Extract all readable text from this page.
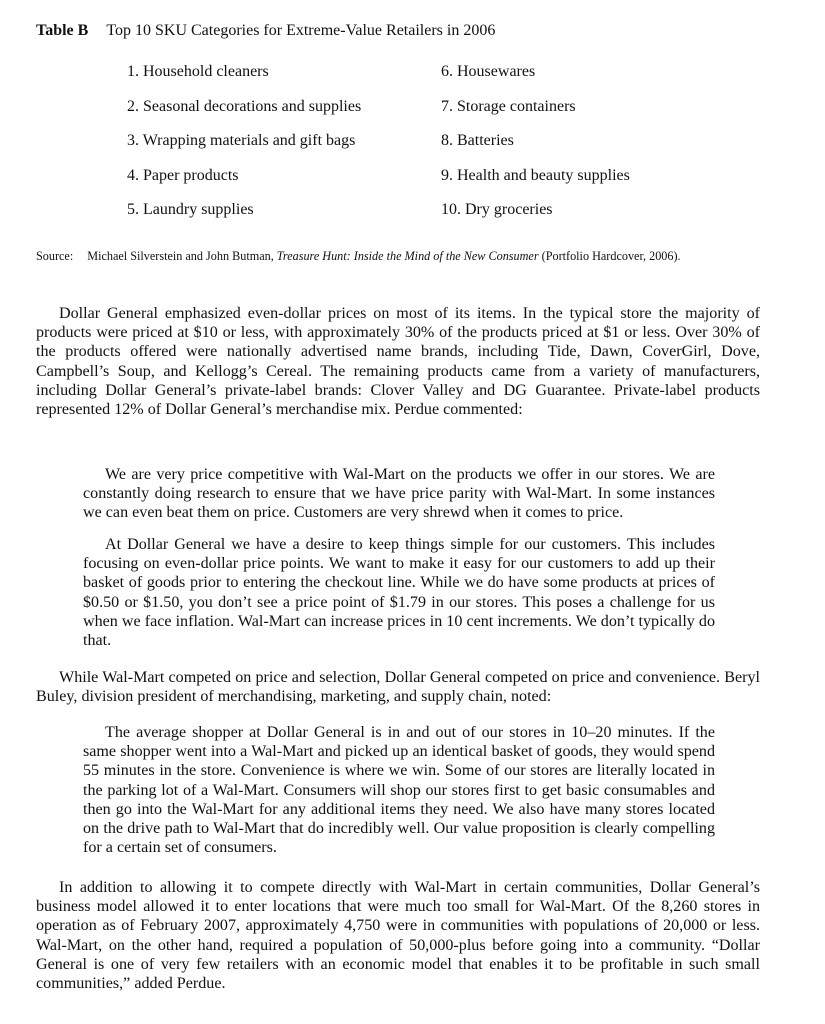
Table B Top 10 SKU Categories for Extreme-Value Retailers in 2006
1. Household cleaners	6. Housewares
2. Seasonal decorations and supplies	7. Storage containers
3. Wrapping materials and gift bags	8. Batteries
4. Paper products	9. Health and beauty supplies
5. Laundry supplies	10. Dry groceries
Source: Michael Silverstein and John Butman, Treasure Hunt: Inside the Mind of the New Consumer (Portfolio Hardcover, 2006).

Dollar General emphasized even-dollar prices on most of its items. In the typical store the majority of products were priced at $10 or less, with approximately 30% of the products priced at $1 or less. Over 30% of the products offered were nationally advertised name brands, including Tide, Dawn, CoverGirl, Dove, Campbell’s Soup, and Kellogg’s Cereal. The remaining products came from a variety of manufacturers, including Dollar General’s private-label brands: Clover Valley and DG Guarantee. Private-label products represented 12% of Dollar General’s merchandise mix. Perdue commented:

We are very price competitive with Wal-Mart on the products we offer in our stores. We are constantly doing research to ensure that we have price parity with Wal-Mart. In some instances we can even beat them on price. Customers are very shrewd when it comes to price.

At Dollar General we have a desire to keep things simple for our customers. This includes focusing on even-dollar price points. We want to make it easy for our customers to add up their basket of goods prior to entering the checkout line. While we do have some products at prices of $0.50 or $1.50, you don’t see a price point of $1.79 in our stores. This poses a challenge for us when we face inflation. Wal-Mart can increase prices in 10 cent increments. We don’t typically do that.

While Wal-Mart competed on price and selection, Dollar General competed on price and convenience. Beryl Buley, division president of merchandising, marketing, and supply chain, noted:

The average shopper at Dollar General is in and out of our stores in 10–20 minutes. If the same shopper went into a Wal-Mart and picked up an identical basket of goods, they would spend 55 minutes in the store. Convenience is where we win. Some of our stores are literally located in the parking lot of a Wal-Mart. Consumers will shop our stores first to get basic consumables and then go into the Wal-Mart for any additional items they need. We also have many stores located on the drive path to Wal-Mart that do incredibly well. Our value proposition is clearly compelling for a certain set of consumers.

In addition to allowing it to compete directly with Wal-Mart in certain communities, Dollar General’s business model allowed it to enter locations that were much too small for Wal-Mart. Of the 8,260 stores in operation as of February 2007, approximately 4,750 were in communities with populations of 20,000 or less. Wal-Mart, on the other hand, required a population of 50,000-plus before going into a community. “Dollar General is one of very few retailers with an economic model that enables it to be profitable in such small communities,” added Perdue.
